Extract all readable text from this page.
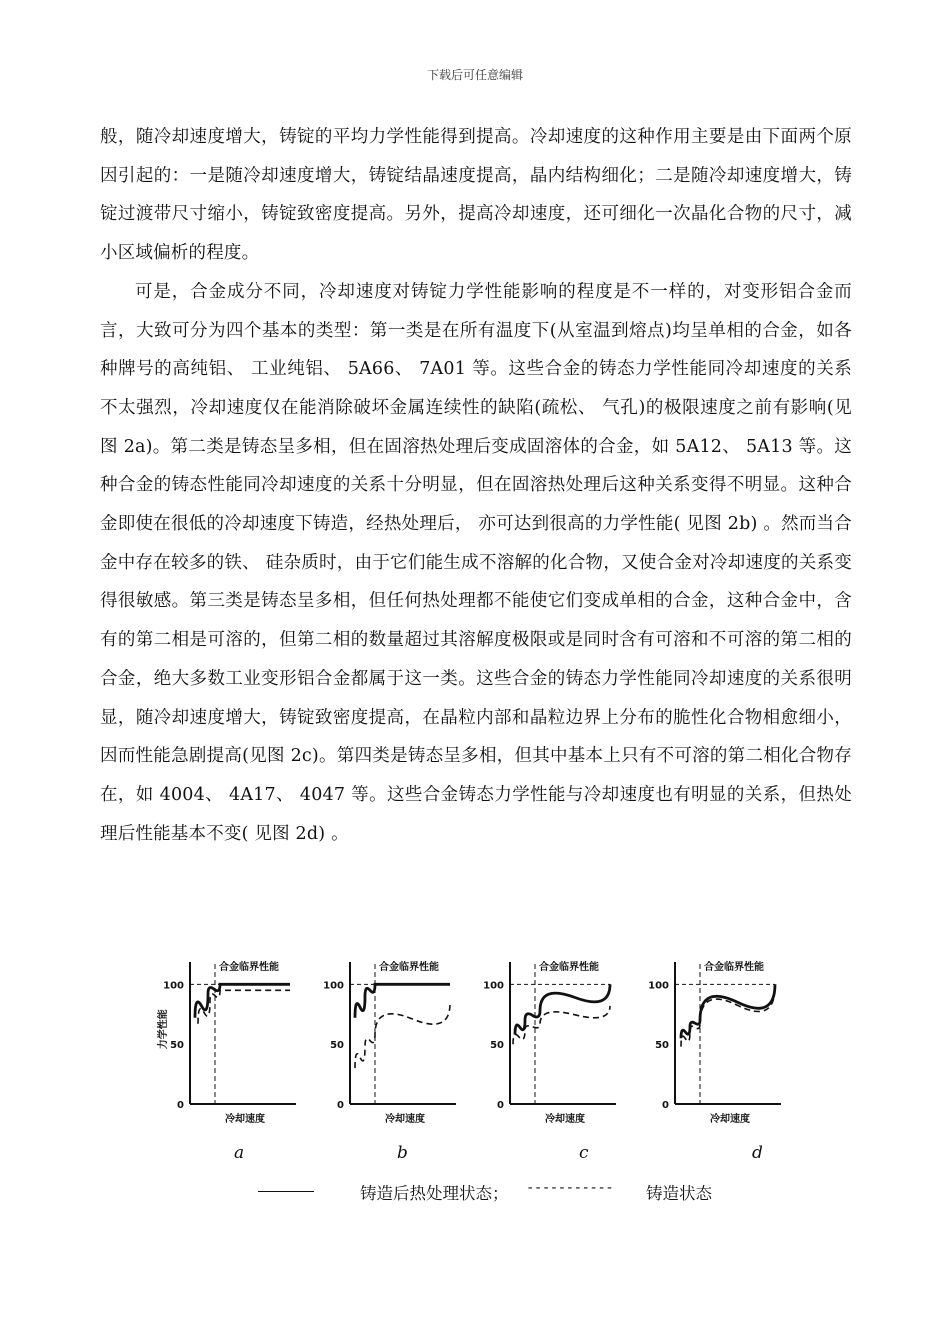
下载后可任意编辑

般，随冷却速度增大，铸锭的平均力学性能得到提高。冷却速度的这种作用主要是由下面两个原因引起的：一是随冷却速度增大，铸锭结晶速度提高，晶内结构细化；二是随冷却速度增大，铸锭过渡带尺寸缩小，铸锭致密度提高。另外，提高冷却速度，还可细化一次晶化合物的尺寸，减小区域偏析的程度。

可是，合金成分不同，冷却速度对铸锭力学性能影响的程度是不一样的，对变形铝合金而言，大致可分为四个基本的类型：第一类是在所有温度下(从室温到熔点)均呈单相的合金，如各种牌号的高纯铝、 工业纯铝、 5A66、 7A01 等。这些合金的铸态力学性能同冷却速度的关系不太强烈，冷却速度仅在能消除破坏金属连续性的缺陷(疏松、 气孔)的极限速度之前有影响(见图 2a)。第二类是铸态呈多相，但在固溶热处理后变成固溶体的合金，如 5A12、 5A13 等。这种合金的铸态性能同冷却速度的关系十分明显，但在固溶热处理后这种关系变得不明显。这种合金即使在很低的冷却速度下铸造，经热处理后， 亦可达到很高的力学性能( 见图 2b) 。然而当合金中存在较多的铁、 硅杂质时，由于它们能生成不溶解的化合物，又使合金对冷却速度的关系变得很敏感。第三类是铸态呈多相，但任何热处理都不能使它们变成单相的合金，这种合金中，含有的第二相是可溶的，但第二相的数量超过其溶解度极限或是同时含有可溶和不可溶的第二相的合金，绝大多数工业变形铝合金都属于这一类。这些合金的铸态力学性能同冷却速度的关系很明显，随冷却速度增大，铸锭致密度提高，在晶粒内部和晶粒边界上分布的脆性化合物相愈细小，因而性能急剧提高(见图 2c)。第四类是铸态呈多相，但其中基本上只有不可溶的第二相化合物存在，如 4004、 4A17、 4047 等。这些合金铸态力学性能与冷却速度也有明显的关系，但热处理后性能基本不变( 见图 2d) 。

100
50
0
合金临界性能
冷却速度
力学性能
100
50
0
合金临界性能
冷却速度
100
50
0
合金临界性能
冷却速度
100
50
0
合金临界性能
冷却速度
a	b	c	d
铸造后热处理状态； ----------- 铸造状态
